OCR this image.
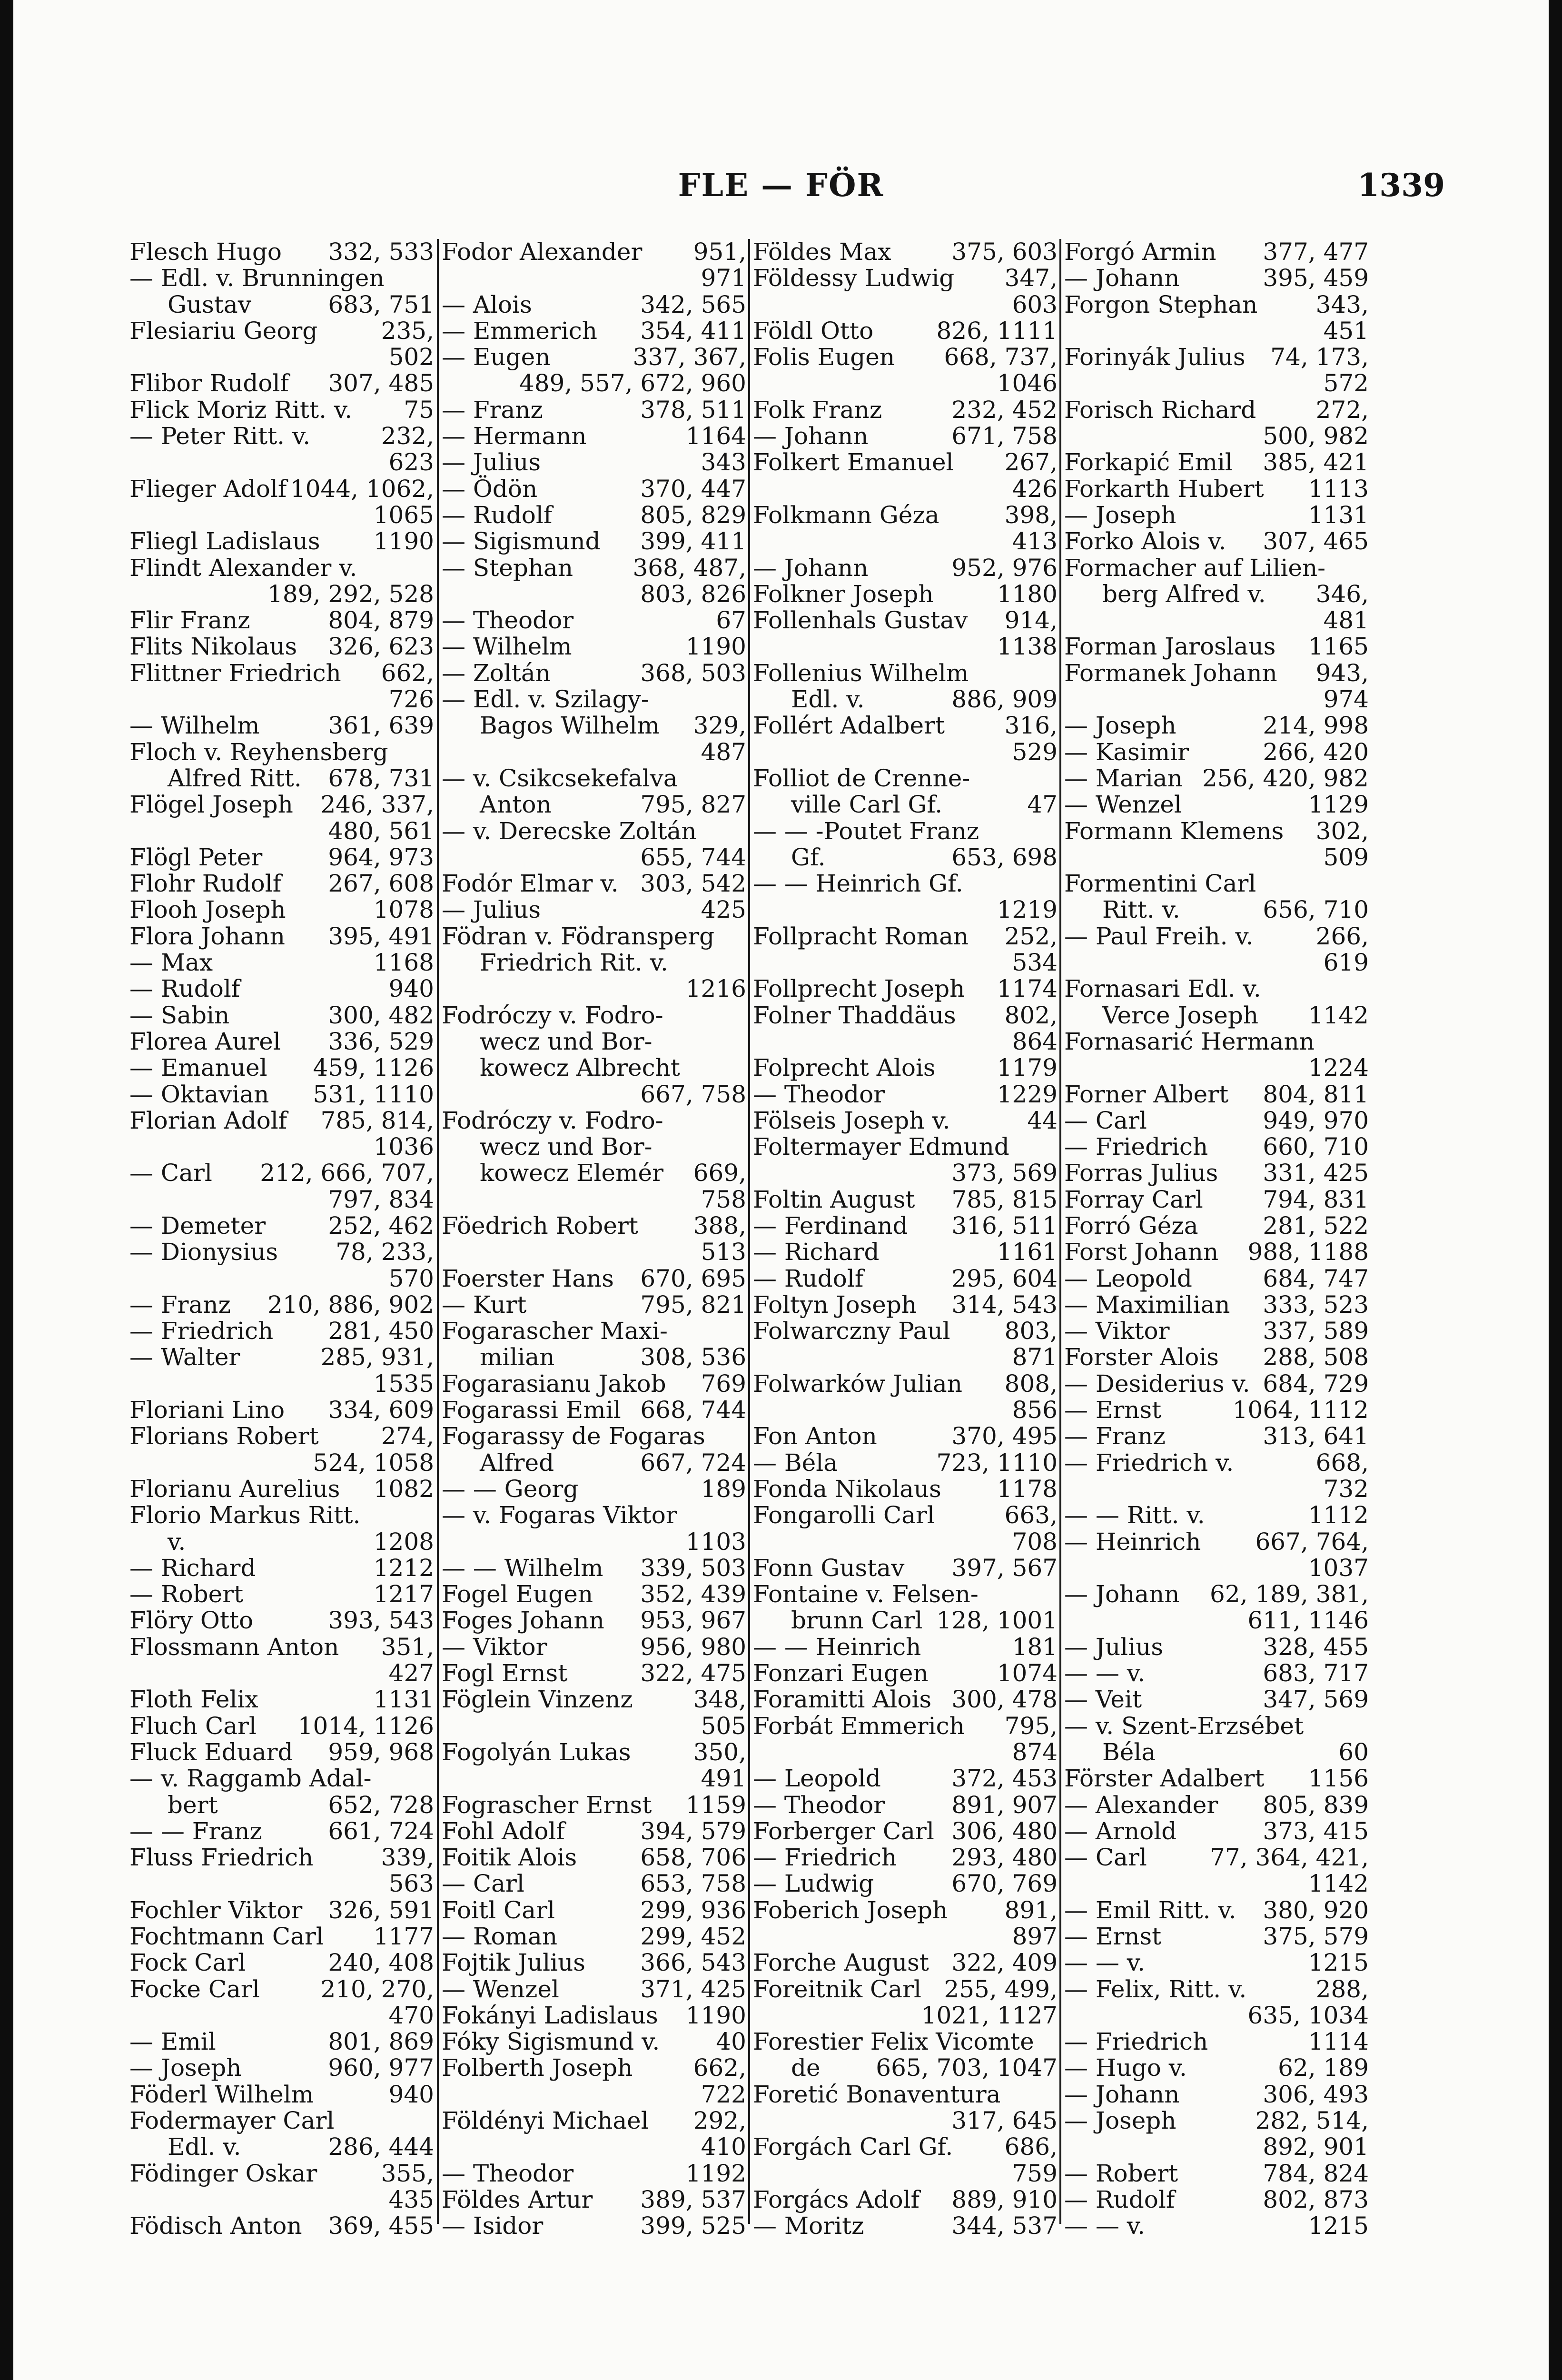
FLE — FÖR	1339
Flesch Hugo 332, 533
— Edl. v. Brunningen
Gustav	683, 751
Flesiariu Georg	235,
502
Flibor Rudolf 307, 485
Flick Moriz Ritt. v. 75
— Peter Ritt. v.	232,
623
Flieger Adolf 1044, 1062,
1065
Fliegl Ladislaus 1190
Flindt Alexander v.
189, 292, 528
Flir Franz	804, 879
Flits Nikolaus 326, 623
Flittner Friedrich 662,
726
— Wilhelm	361, 639
Floch v. Reyhensberg
Alfred Ritt. 678, 731
Flögel Joseph 246, 337,
480, 561
Flögl Peter	964, 973
Flohr Rudolf 267, 608
Flooh Joseph	1078
Flora Johann 395, 491
— Max	1168
— Rudolf	940
— Sabin	300, 482
Florea Aurel 336, 529
— Emanuel 459, 1126
— Oktavian 531, 1110
Florian Adolf 785, 814,
1036
— Carl 212, 666, 707,
797, 834
— Demeter	252, 462
— Dionysius 78, 233,
570
— Franz 210, 886, 902
— Friedrich 281, 450
— Walter	285, 931,
1535
Floriani Lino 334, 609
Florians Robert	274,
524, 1058
Florianu Aurelius 1082
Florio Markus Ritt.
v.	1208
— Richard	1212
— Robert	1217
Flöry Otto	393, 543
Flossmann Anton 351,
427
Floth Felix	1131
Fluch Carl 1014, 1126
Fluck Eduard 959, 968
— v. Raggamb Adal-
bert	652, 728
— — Franz	661, 724
Fluss Friedrich	339,
563
Fochler Viktor 326, 591
Fochtmann Carl 1177
Fock Carl	240, 408
Focke Carl	210, 270,
470
— Emil	801, 869
— Joseph	960, 977
Föderl Wilhelm	940
Fodermayer Carl
Edl. v.	286, 444
Födinger Oskar	355,
435
Födisch Anton 369, 455
Fodor Alexander 951,
971
— Alois	342, 565
— Emmerich 354, 411
— Eugen	337, 367,
489, 557, 672, 960
— Franz	378, 511
— Hermann	1164
— Julius	343
— Ödön	370, 447
— Rudolf	805, 829
— Sigismund 399, 411
— Stephan	368, 487,
803, 826
— Theodor	67
— Wilhelm	1190
— Zoltán	368, 503
— Edl. v. Szilagy-
Bagos Wilhelm 329,
487
— v. Csikcsekefalva
Anton	795, 827
— v. Derecske Zoltán
655, 744
Fodór Elmar v. 303, 542
— Julius	425
Födran v. Födransperg
Friedrich Rit. v.
1216
Fodróczy v. Fodro-
wecz und Bor-
kowecz Albrecht
667, 758
Fodróczy v. Fodro-
wecz und Bor-
kowecz Elemér 669,
758
Föedrich Robert 388,
513
Foerster Hans 670, 695
— Kurt	795, 821
Fogarascher Maxi-
milian	308, 536
Fogarasianu Jakob 769
Fogarassi Emil 668, 744
Fogarassy de Fogaras
Alfred	667, 724
— — Georg	189
— v. Fogaras Viktor
1103
— — Wilhelm 339, 503
Fogel Eugen 352, 439
Foges Johann 953, 967
— Viktor	956, 980
Fogl Ernst	322, 475
Föglein Vinzenz	348,
505
Fogolyán Lukas	350,
491
Fograscher Ernst 1159
Fohl Adolf	394, 579
Foitik Alois	658, 706
— Carl	653, 758
Foitl Carl	299, 936
— Roman	299, 452
Fojtik Julius 366, 543
— Wenzel	371, 425
Fokányi Ladislaus 1190
Fóky Sigismund v. 40
Folberth Joseph	662,
722
Földényi Michael 292,
410
— Theodor	1192
Földes Artur 389, 537
— Isidor	399, 525
Földes Max	375, 603
Földessy Ludwig 347,
603
Földl Otto	826, 1111
Folis Eugen 668, 737,
1046
Folk Franz	232, 452
— Johann	671, 758
Folkert Emanuel 267,
426
Folkmann Géza	398,
413
— Johann	952, 976
Folkner Joseph	1180
Follenhals Gustav 914,
1138
Follenius Wilhelm
Edl. v.	886, 909
Follért Adalbert	316,
529
Folliot de Crenne-
ville Carl Gf.	47
— — -Poutet Franz
Gf.	653, 698
— — Heinrich Gf.
1219
Follpracht Roman 252,
534
Follprecht Joseph 1174
Folner Thaddäus 802,
864
Folprecht Alois	1179
— Theodor	1229
Fölseis Joseph v.	44
Foltermayer Edmund
373, 569
Foltin August 785, 815
— Ferdinand 316, 511
— Richard	1161
— Rudolf	295, 604
Foltyn Joseph 314, 543
Folwarczny Paul 803,
871
Folwarków Julian 808,
856
Fon Anton	370, 495
— Béla	723, 1110
Fonda Nikolaus 1178
Fongarolli Carl	663,
708
Fonn Gustav 397, 567
Fontaine v. Felsen-
brunn Carl 128, 1001
— — Heinrich	181
Fonzari Eugen	1074
Foramitti Alois 300, 478
Forbát Emmerich 795,
874
— Leopold	372, 453
— Theodor	891, 907
Forberger Carl 306, 480
— Friedrich 293, 480
— Ludwig	670, 769
Foberich Joseph 891,
897
Forche August 322, 409
Foreitnik Carl 255, 499,
1021, 1127
Forestier Felix Vicomte
de 665, 703, 1047
Foretić Bonaventura
317, 645
Forgách Carl Gf. 686,
759
Forgács Adolf 889, 910
— Moritz	344, 537
Forgó Armin 377, 477
— Johann	395, 459
Forgon Stephan 343,
451
Forinyák Julius 74, 173,
572
Forisch Richard	272,
500, 982
Forkapić Emil 385, 421
Forkarth Hubert 1113
— Joseph	1131
Forko Alois v. 307, 465
Formacher auf Lilien-
berg Alfred v. 346,
481
Forman Jaroslaus 1165
Formanek Johann 943,
974
— Joseph	214, 998
— Kasimir	266, 420
— Marian 256, 420, 982
— Wenzel	1129
Formann Klemens 302,
509
Formentini Carl
Ritt. v.	656, 710
— Paul Freih. v.	266,
619
Fornasari Edl. v.
Verce Joseph 1142
Fornasarić Hermann
1224
Forner Albert 804, 811
— Carl	949, 970
— Friedrich 660, 710
Forras Julius 331, 425
Forray Carl	794, 831
Forró Géza	281, 522
Forst Johann 988, 1188
— Leopold	684, 747
— Maximilian 333, 523
— Viktor	337, 589
Forster Alois 288, 508
— Desiderius v. 684, 729
— Ernst	1064, 1112
— Franz	313, 641
— Friedrich v.	668,
732
— — Ritt. v.	1112
— Heinrich 667, 764,
1037
— Johann 62, 189, 381,
611, 1146
— Julius	328, 455
— — v.	683, 717
— Veit	347, 569
— v. Szent-Erzsébet
Béla	60
Förster Adalbert 1156
— Alexander 805, 839
— Arnold	373, 415
— Carl	77, 364, 421,
1142
— Emil Ritt. v. 380, 920
— Ernst	375, 579
— — v.	1215
— Felix, Ritt. v.	288,
635, 1034
— Friedrich	1114
— Hugo v.	62, 189
— Johann	306, 493
— Joseph	282, 514,
892, 901
— Robert	784, 824
— Rudolf	802, 873
— — v.	1215
